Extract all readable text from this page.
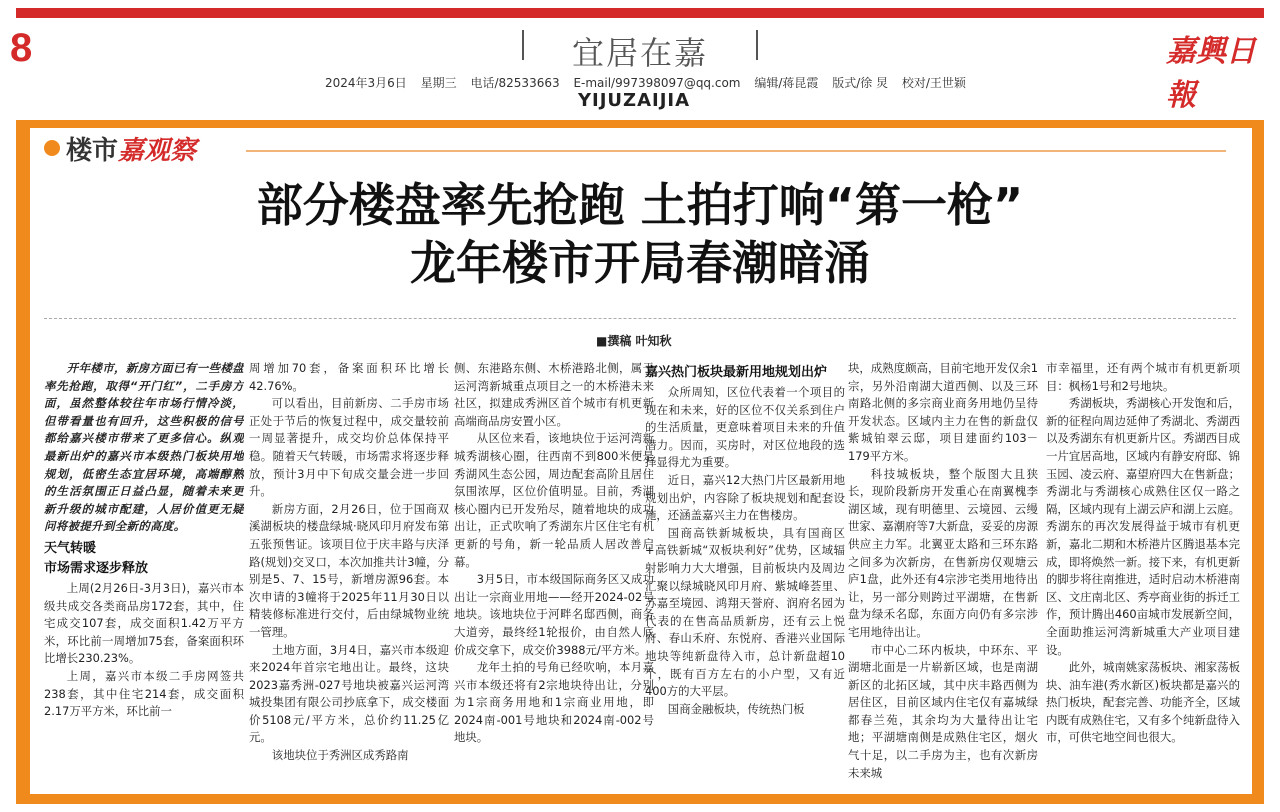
8	宜居在嘉	嘉興日報
2024年3月6日 星期三 电话/82533663 E-mail/997398097@qq.com 编辑/蒋昆霞 版式/徐 炅 校对/王世颖
YIJUZAIJIA
楼市嘉观察
部分楼盘率先抢跑 土拍打响“第一枪”
龙年楼市开局春潮暗涌
■撰稿 叶知秋

开年楼市，新房方面已有一些楼盘率先抢跑，取得“开门红”，二手房方面，虽然整体较往年市场行情冷淡，但带看量也有回升，这些积极的信号都给嘉兴楼市带来了更多信心。纵观最新出炉的嘉兴市本级热门板块用地规划，低密生态宜居环境，高端醇熟的生活氛围正日益凸显，随着未来更新升级的城市配建，人居价值更无疑问将被提升到全新的高度。

天气转暖
市场需求逐步释放

上周(2月26日-3月3日)，嘉兴市本级共成交各类商品房172套，其中，住宅成交107套，成交面积1.42万平方米，环比前一周增加75套，备案面积环比增长230.23%。

上周，嘉兴市本级二手房网签共238套，其中住宅214套，成交面积2.17万平方米，环比前一

周增加70套，备案面积环比增长42.76%。

可以看出，目前新房、二手房市场正处于节后的恢复过程中，成交量较前一周显著提升，成交均价总体保持平稳。随着天气转暖，市场需求将逐步释放，预计3月中下旬成交量会进一步回升。

新房方面，2月26日，位于国商双溪湖板块的楼盘绿城·晓风印月府发布第五张预售证。该项目位于庆丰路与庆泽路(规划)交叉口，本次加推共计3幢，分别是5、7、15号，新增房源96套。本次申请的3幢将于2025年11月30日以精装修标准进行交付，后由绿城物业统一管理。

土地方面，3月4日，嘉兴市本级迎来2024年首宗宅地出让。最终，这块2023嘉秀洲-027号地块被嘉兴运河湾城投集团有限公司抄底拿下，成交楼面价5108元/平方米，总价约11.25亿元。

该地块位于秀洲区成秀路南

侧、东港路东侧、木桥港路北侧，属于运河湾新城重点项目之一的木桥港未来社区，拟建成秀洲区首个城市有机更新高端商品房安置小区。

从区位来看，该地块位于运河湾新城秀湖核心圈，往西南不到800米便是秀湖风生态公园，周边配套高阶且居住氛围浓厚，区位价值明显。目前，秀湖核心圈内已开发殆尽，随着地块的成功出让，正式吹响了秀湖东片区住宅有机更新的号角，新一轮品质人居改善启幕。

3月5日，市本级国际商务区又成功出让一宗商业用地——经开2024-02号地块。该地块位于河畔名邸西侧，商务大道旁，最终经1轮报价，由自然人底价成交拿下，成交价3988元/平方米。

龙年土拍的号角已经吹响，本月嘉兴市本级还将有2宗地块待出让，分别为1宗商务用地和1宗商业用地，即2024南-001号地块和2024南-002号地块。

嘉兴热门板块最新用地规划出炉

众所周知，区位代表着一个项目的现在和未来，好的区位不仅关系到住户的生活质量，更意味着项目未来的升值潜力。因而，买房时，对区位地段的选择显得尤为重要。

近日，嘉兴12大热门片区最新用地规划出炉，内容除了板块规划和配套设施，还涵盖嘉兴主力在售楼房。

国商高铁新城板块，具有国商区+高铁新城“双板块利好”优势，区域辐射影响力大大增强，目前板块内及周边汇聚以绿城晓风印月府、紫城峰荟里、苏嘉至境园、鸿翔天誉府、润府名园为代表的在售高品质新房，还有云上悦府、春山禾府、东悦府、香港兴业国际地块等纯新盘待入市，总计新盘超10个，既有百方左右的小户型，又有近400方的大平层。

国商金融板块，传统热门板

块，成熟度颇高，目前宅地开发仅余1宗，另外沿南湖大道西侧、以及三环南路北侧的多宗商业商务用地仍呈待开发状态。区域内主力在售的新盘仅紫城铂翠云邸，项目建面约103－179平方米。

科技城板块，整个版图大且狭长，现阶段新房开发重心在南翼槐李湖区域，现有明德里、云境园、云缦世家、嘉潮府等7大新盘，妥妥的房源供应主力军。北翼亚太路和三环东路之间多为次新房，在售新房仅观塘云庐1盘，此外还有4宗涉宅类用地待出让，另一部分则跨过平湖塘，在售新盘为绿禾名邸，东面方向仍有多宗涉宅用地待出让。

市中心二环内板块，中环东、平湖塘北面是一片崭新区域，也是南湖新区的北拓区域，其中庆丰路西侧为居住区，目前区域内住宅仅有嘉城绿都春兰苑，其余均为大量待出让宅地；平湖塘南侧是成熟住宅区，烟火气十足，以二手房为主，也有次新房未来城

市幸福里，还有两个城市有机更新项目：枫杨1号和2号地块。

秀湖板块，秀湖核心开发饱和后，新的征程向周边延伸了秀湖北、秀湖西以及秀湖东有机更新片区。秀湖西目成一片宜居高地，区域内有静安府邸、锦玉园、凌云府、嘉望府四大在售新盘；秀湖北与秀湖核心成熟住区仅一路之隔，区域内现有上湖云庐和湖上云庭。秀湖东的再次发展得益于城市有机更新，嘉北二期和木桥港片区腾退基本完成，即将焕然一新。接下来，有机更新的脚步将往南推进，适时启动木桥港南区、文庄南北区、秀亭商业街的拆迁工作，预计腾出460亩城市发展新空间，全面助推运河湾新城重大产业项目建设。

此外，城南姚家荡板块、湘家荡板块、油车港(秀水新区)板块都是嘉兴的热门板块，配套完善、功能齐全，区域内既有成熟住宅，又有多个纯新盘待入市，可供宅地空间也很大。
